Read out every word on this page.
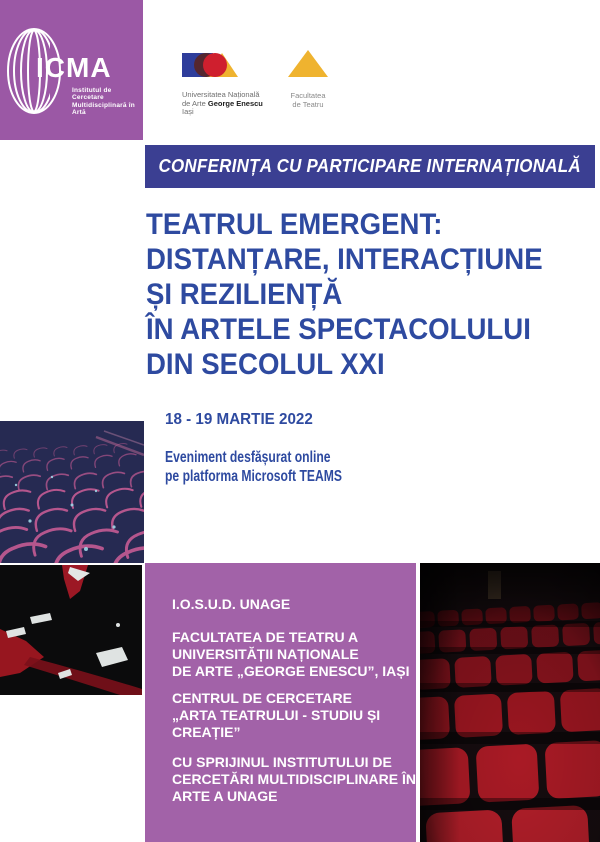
ICMA
Institutul de
Cercetare
Multidisciplinară în
Artă
Universitatea Națională
de Arte George Enescu
Iași
Facultatea
de Teatru
CONFERINȚA CU PARTICIPARE INTERNAȚIONALĂ
TEATRUL EMERGENT:
DISTANȚARE, INTERACȚIUNE
ȘI REZILIENȚĂ
ÎN ARTELE SPECTACOLULUI
DIN SECOLUL XXI
18 - 19 MARTIE 2022
Eveniment desfășurat online
pe platforma Microsoft TEAMS
I.O.S.U.D. UNAGE
FACULTATEA DE TEATRU A
UNIVERSITĂȚII NAȚIONALE
DE ARTE „GEORGE ENESCU”, IAȘI
CENTRUL DE CERCETARE
„ARTA TEATRULUI - STUDIU ȘI
CREAȚIE”
CU SPRIJINUL INSTITUTULUI DE
CERCETĂRI MULTIDISCIPLINARE ÎN
ARTE A UNAGE
